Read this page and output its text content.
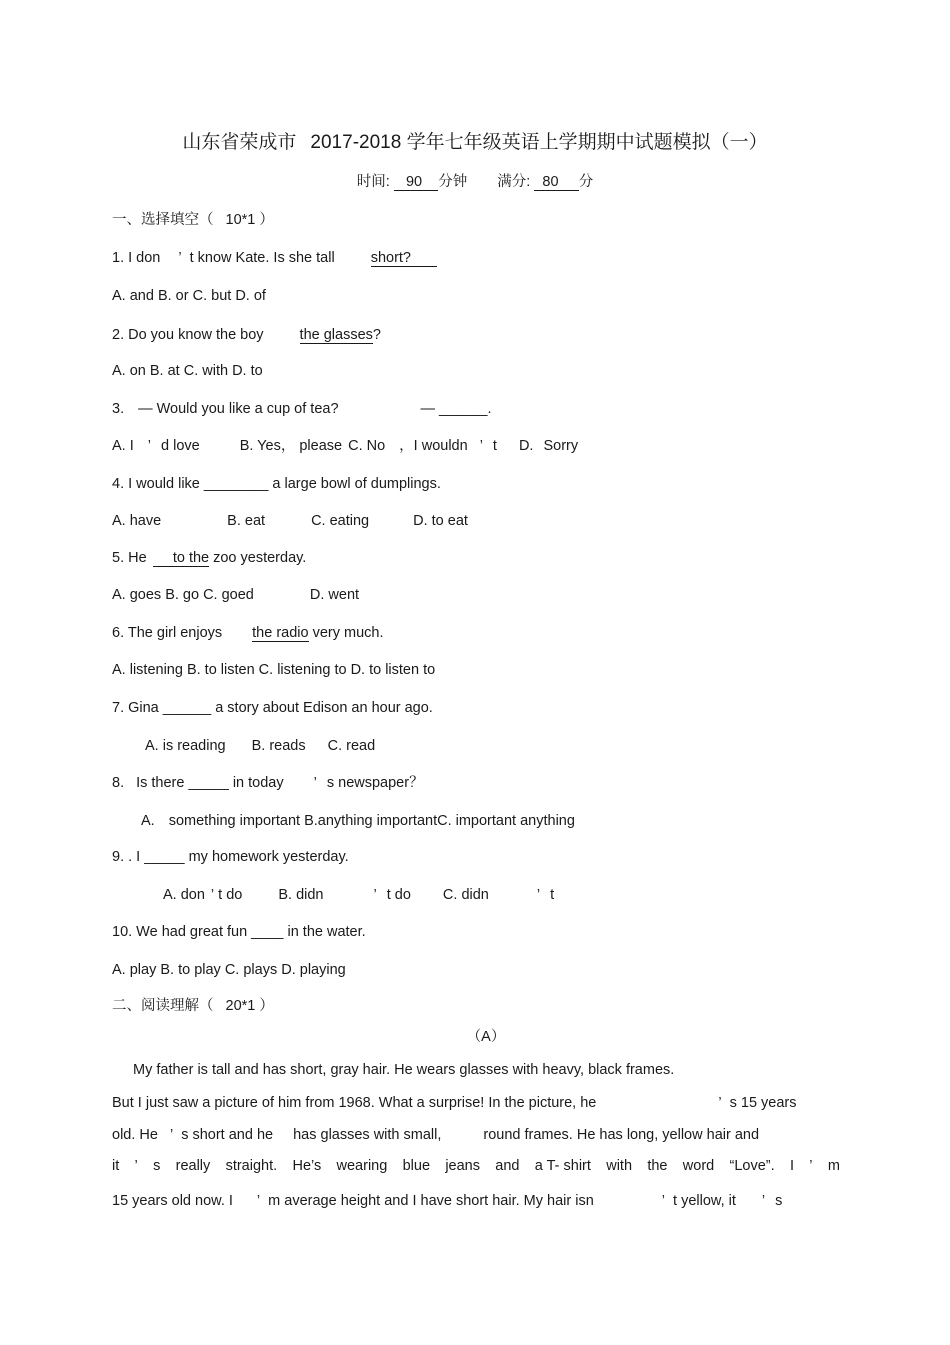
山东省荣成市 2017-2018 学年七年级英语上学期期中试题模拟（一）
时间: 90 分钟 满分: 80 分
一、选择填空（ 10*1 ）
1. I don ’ t know Kate. Is she tall short?
A. and B. or C. but D. of
2. Do you know the boy the glasses?
A. on B. at C. with D. to
3. — Would you like a cup of tea?	— ______.
A. I ’ d love	B. Yes， please C. No ，I wouldn ’ t D. Sorry
4. I would like ________ a large bowl of dumplings.
A. have	B. eat	C. eating	D. to eat
5. He to the zoo yesterday.
A. goes B. go C. goed	D. went
6. The girl enjoys the radio very much.
A. listening B. to listen C. listening to D. to listen to
7. Gina ______ a story about Edison an hour ago.
A. is reading B. reads C. read
8. Is there _____ in today ’ s newspaper？
A. something important B.anything importantC. important anything
9. . I _____ my homework yesterday.
A. don ’ t do B. didn	’ t do C. didn	’ t
10. We had great fun ____ in the water.
A. play B. to play C. plays D. playing
二、阅读理解（ 20*1 ）
（A）
My father is tall and has short, gray hair. He wears glasses with heavy, black frames.
But I just saw a picture of him from 1968. What a surprise! In the picture, he	’ s 15 years
old. He ’ s short and he has glasses with small,	round frames. He has long, yellow hair and
it ’ s really straight. He’s wearing blue jeans and a T- shirt with the word “Love”. I ’ m
15 years old now. I ’ m average height and I have short hair. My hair isn	’ t yellow, it ’ s
